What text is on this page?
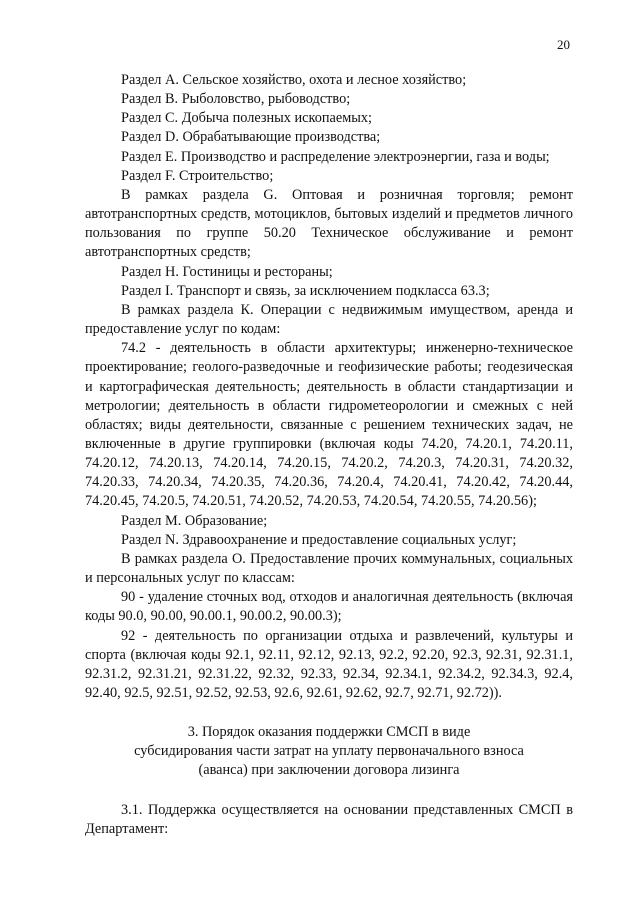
20

Раздел А. Сельское хозяйство, охота и лесное хозяйство;

Раздел В. Рыболовство, рыбоводство;

Раздел С. Добыча полезных ископаемых;

Раздел D. Обрабатывающие производства;

Раздел Е. Производство и распределение электроэнергии, газа и воды;

Раздел F. Строительство;

В рамках раздела G. Оптовая и розничная торговля; ремонт автотранспортных средств, мотоциклов, бытовых изделий и предметов личного пользования по группе 50.20 Техническое обслуживание и ремонт автотранспортных средств;

Раздел Н. Гостиницы и рестораны;

Раздел I. Транспорт и связь, за исключением подкласса 63.3;

В рамках раздела К. Операции с недвижимым имуществом, аренда и предоставление услуг по кодам:

74.2 - деятельность в области архитектуры; инженерно-техническое проектирование; геолого-разведочные и геофизические работы; геодезическая и картографическая деятельность; деятельность в области стандартизации и метрологии; деятельность в области гидрометеорологии и смежных с ней областях; виды деятельности, связанные с решением технических задач, не включенные в другие группировки (включая коды 74.20, 74.20.1, 74.20.11, 74.20.12, 74.20.13, 74.20.14, 74.20.15, 74.20.2, 74.20.3, 74.20.31, 74.20.32, 74.20.33, 74.20.34, 74.20.35, 74.20.36, 74.20.4, 74.20.41, 74.20.42, 74.20.44, 74.20.45, 74.20.5, 74.20.51, 74.20.52, 74.20.53, 74.20.54, 74.20.55, 74.20.56);

Раздел М. Образование;

Раздел N. Здравоохранение и предоставление социальных услуг;

В рамках раздела О. Предоставление прочих коммунальных, социальных и персональных услуг по классам:

90 - удаление сточных вод, отходов и аналогичная деятельность (включая коды 90.0, 90.00, 90.00.1, 90.00.2, 90.00.3);

92 - деятельность по организации отдыха и развлечений, культуры и спорта (включая коды 92.1, 92.11, 92.12, 92.13, 92.2, 92.20, 92.3, 92.31, 92.31.1, 92.31.2, 92.31.21, 92.31.22, 92.32, 92.33, 92.34, 92.34.1, 92.34.2, 92.34.3, 92.4, 92.40, 92.5, 92.51, 92.52, 92.53, 92.6, 92.61, 92.62, 92.7, 92.71, 92.72)).

3. Порядок оказания поддержки СМСП в виде

субсидирования части затрат на уплату первоначального взноса

(аванса) при заключении договора лизинга

3.1. Поддержка осуществляется на основании представленных СМСП в Департамент:
